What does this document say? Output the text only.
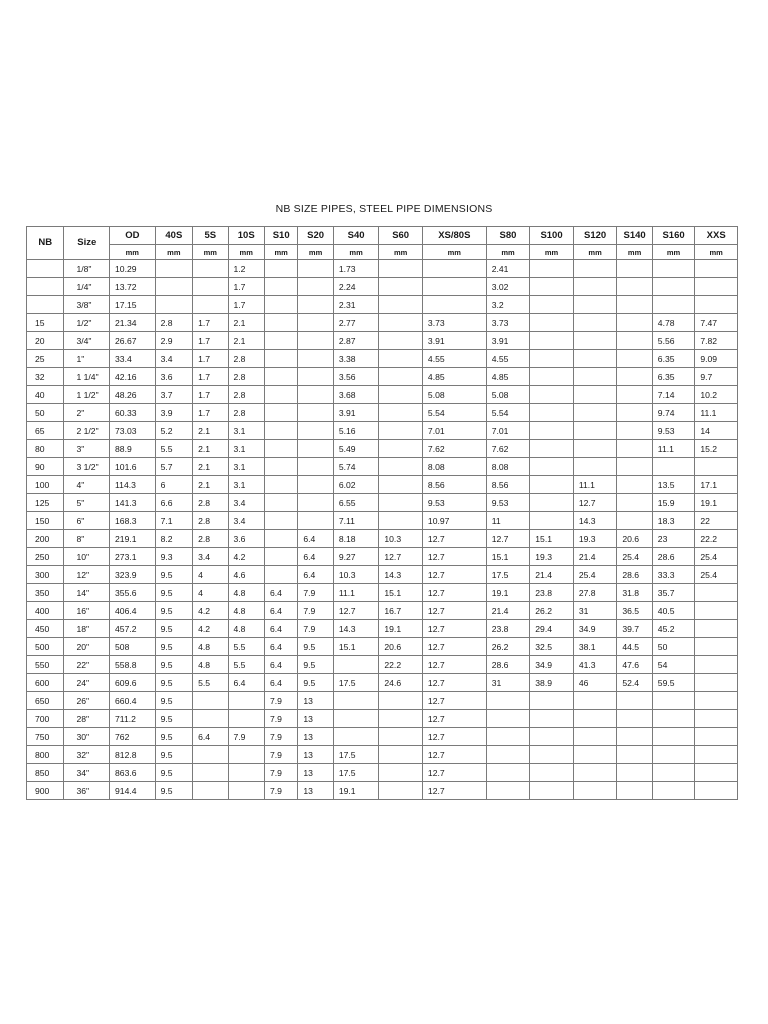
NB SIZE PIPES, STEEL PIPE DIMENSIONS
NB	Size	OD	40S	5S	10S	S10	S20	S40	S60	XS/80S	S80	S100	S120	S140	S160	XXS
		mm	mm	mm	mm	mm	mm	mm	mm	mm	mm	mm	mm	mm	mm	mm
	1/8"	10.29			1.2			1.73			2.41					
	1/4"	13.72			1.7			2.24			3.02					
	3/8"	17.15			1.7			2.31			3.2					
15	1/2"	21.34	2.8	1.7	2.1			2.77		3.73	3.73				4.78	7.47
20	3/4"	26.67	2.9	1.7	2.1			2.87		3.91	3.91				5.56	7.82
25	1"	33.4	3.4	1.7	2.8			3.38		4.55	4.55				6.35	9.09
32	1 1/4"	42.16	3.6	1.7	2.8			3.56		4.85	4.85				6.35	9.7
40	1 1/2"	48.26	3.7	1.7	2.8			3.68		5.08	5.08				7.14	10.2
50	2"	60.33	3.9	1.7	2.8			3.91		5.54	5.54				9.74	11.1
65	2 1/2"	73.03	5.2	2.1	3.1			5.16		7.01	7.01				9.53	14
80	3"	88.9	5.5	2.1	3.1			5.49		7.62	7.62				11.1	15.2
90	3 1/2"	101.6	5.7	2.1	3.1			5.74		8.08	8.08					
100	4"	114.3	6	2.1	3.1			6.02		8.56	8.56		11.1		13.5	17.1
125	5"	141.3	6.6	2.8	3.4			6.55		9.53	9.53		12.7		15.9	19.1
150	6"	168.3	7.1	2.8	3.4			7.11		10.97	11		14.3		18.3	22
200	8"	219.1	8.2	2.8	3.6		6.4	8.18	10.3	12.7	12.7	15.1	19.3	20.6	23	22.2
250	10"	273.1	9.3	3.4	4.2		6.4	9.27	12.7	12.7	15.1	19.3	21.4	25.4	28.6	25.4
300	12"	323.9	9.5	4	4.6		6.4	10.3	14.3	12.7	17.5	21.4	25.4	28.6	33.3	25.4
350	14"	355.6	9.5	4	4.8	6.4	7.9	11.1	15.1	12.7	19.1	23.8	27.8	31.8	35.7	
400	16"	406.4	9.5	4.2	4.8	6.4	7.9	12.7	16.7	12.7	21.4	26.2	31	36.5	40.5	
450	18"	457.2	9.5	4.2	4.8	6.4	7.9	14.3	19.1	12.7	23.8	29.4	34.9	39.7	45.2	
500	20"	508	9.5	4.8	5.5	6.4	9.5	15.1	20.6	12.7	26.2	32.5	38.1	44.5	50	
550	22"	558.8	9.5	4.8	5.5	6.4	9.5		22.2	12.7	28.6	34.9	41.3	47.6	54	
600	24"	609.6	9.5	5.5	6.4	6.4	9.5	17.5	24.6	12.7	31	38.9	46	52.4	59.5	
650	26"	660.4	9.5			7.9	13			12.7						
700	28"	711.2	9.5			7.9	13			12.7						
750	30"	762	9.5	6.4	7.9	7.9	13			12.7						
800	32"	812.8	9.5			7.9	13	17.5		12.7						
850	34"	863.6	9.5			7.9	13	17.5		12.7						
900	36"	914.4	9.5			7.9	13	19.1		12.7						
